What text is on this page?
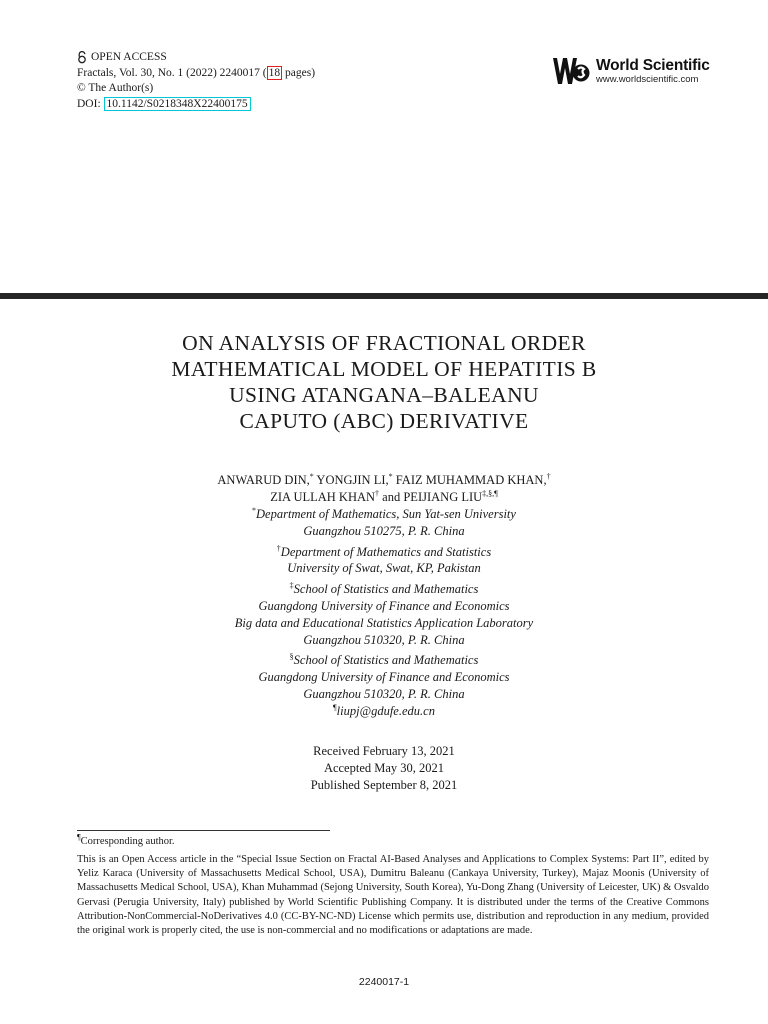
OPEN ACCESS
Fractals, Vol. 30, No. 1 (2022) 2240017 ( 18 pages)
© The Author(s)
DOI: 10.1142/S0218348X22400175
World Scientific
www.worldscientific.com
ON ANALYSIS OF FRACTIONAL ORDER
MATHEMATICAL MODEL OF HEPATITIS B
USING ATANGANA–BALEANU
CAPUTO (ABC) DERIVATIVE
ANWARUD DIN,* YONGJIN LI,* FAIZ MUHAMMAD KHAN,†
ZIA ULLAH KHAN† and PEIJIANG LIU‡,§,¶
*Department of Mathematics, Sun Yat-sen University
Guangzhou 510275, P. R. China
†Department of Mathematics and Statistics
University of Swat, Swat, KP, Pakistan
‡School of Statistics and Mathematics
Guangdong University of Finance and Economics
Big data and Educational Statistics Application Laboratory
Guangzhou 510320, P. R. China
§School of Statistics and Mathematics
Guangdong University of Finance and Economics
Guangzhou 510320, P. R. China
¶liupj@gdufe.edu.cn
Received February 13, 2021
Accepted May 30, 2021
Published September 8, 2021
¶Corresponding author.
This is an Open Access article in the “Special Issue Section on Fractal AI-Based Analyses and Applications to Complex Systems: Part II”, edited by Yeliz Karaca (University of Massachusetts Medical School, USA), Dumitru Baleanu (Cankaya University, Turkey), Majaz Moonis (University of Massachusetts Medical School, USA), Khan Muhammad (Sejong University, South Korea), Yu-Dong Zhang (University of Leicester, UK) & Osvaldo Gervasi (Perugia University, Italy) published by World Scientific Publishing Company. It is distributed under the terms of the Creative Commons Attribution-NonCommercial-NoDerivatives 4.0 (CC-BY-NC-ND) License which permits use, distribution and reproduction in any medium, provided the original work is properly cited, the use is non-commercial and no modifications or adaptations are made.
2240017-1
